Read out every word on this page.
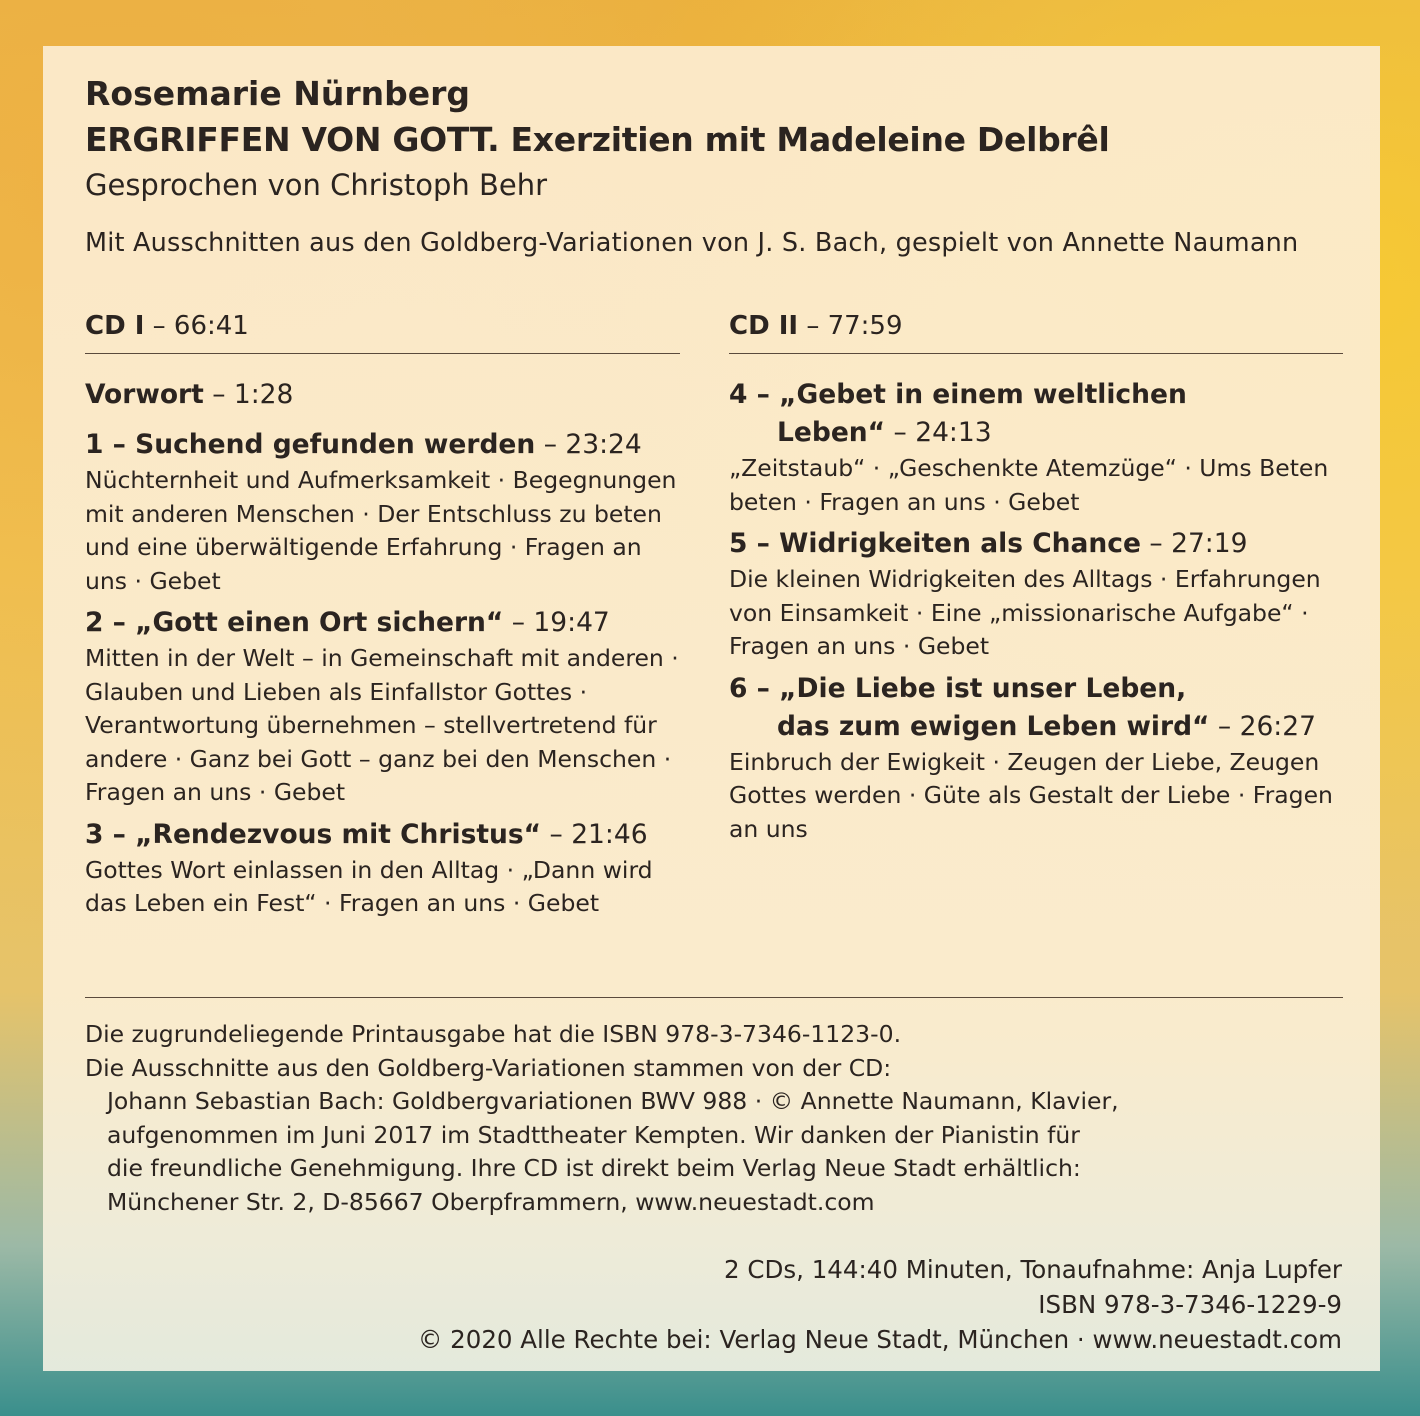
Rosemarie Nürnberg
ERGRIFFEN VON GOTT. Exerzitien mit Madeleine Delbrêl
Gesprochen von Christoph Behr
Mit Ausschnitten aus den Goldberg-Variationen von J. S. Bach, gespielt von Annette Naumann
CD I – 66:41	CD II – 77:59
Vorwort – 1:28
1 – Suchend gefunden werden – 23:24

Nüchternheit und Aufmerksamkeit · Begegnungen mit anderen Menschen · Der Entschluss zu beten und eine überwältigende Erfahrung · Fragen an uns · Gebet

2 – „Gott einen Ort sichern“ – 19:47

Mitten in der Welt – in Gemeinschaft mit anderen · Glauben und Lieben als Einfallstor Gottes · Verantwortung übernehmen – stellvertretend für andere · Ganz bei Gott – ganz bei den Menschen · Fragen an uns · Gebet

3 – „Rendezvous mit Christus“ – 21:46

Gottes Wort einlassen in den Alltag · „Dann wird das Leben ein Fest“ · Fragen an uns · Gebet

4 – „Gebet in einem weltlichen
Leben“ – 24:13

„Zeitstaub“ · „Geschenkte Atemzüge“ · Ums Beten beten · Fragen an uns · Gebet

5 – Widrigkeiten als Chance – 27:19

Die kleinen Widrigkeiten des Alltags · Erfahrungen von Einsamkeit · Eine „missionarische Aufgabe“ · Fragen an uns · Gebet

6 – „Die Liebe ist unser Leben,
das zum ewigen Leben wird“ – 26:27

Einbruch der Ewigkeit · Zeugen der Liebe, Zeugen Gottes werden · Güte als Gestalt der Liebe · Fragen an uns

Die zugrundeliegende Printausgabe hat die ISBN 978-3-7346-1123-0.
Die Ausschnitte aus den Goldberg-Variationen stammen von der CD:
Johann Sebastian Bach: Goldbergvariationen BWV 988 · © Annette Naumann, Klavier,
aufgenommen im Juni 2017 im Stadttheater Kempten. Wir danken der Pianistin für
die freundliche Genehmigung. Ihre CD ist direkt beim Verlag Neue Stadt erhältlich:
Münchener Str. 2, D-85667 Oberpframmern, www.neuestadt.com
2 CDs, 144:40 Minuten, Tonaufnahme: Anja Lupfer
ISBN 978-3-7346-1229-9
© 2020 Alle Rechte bei: Verlag Neue Stadt, München · www.neuestadt.com
